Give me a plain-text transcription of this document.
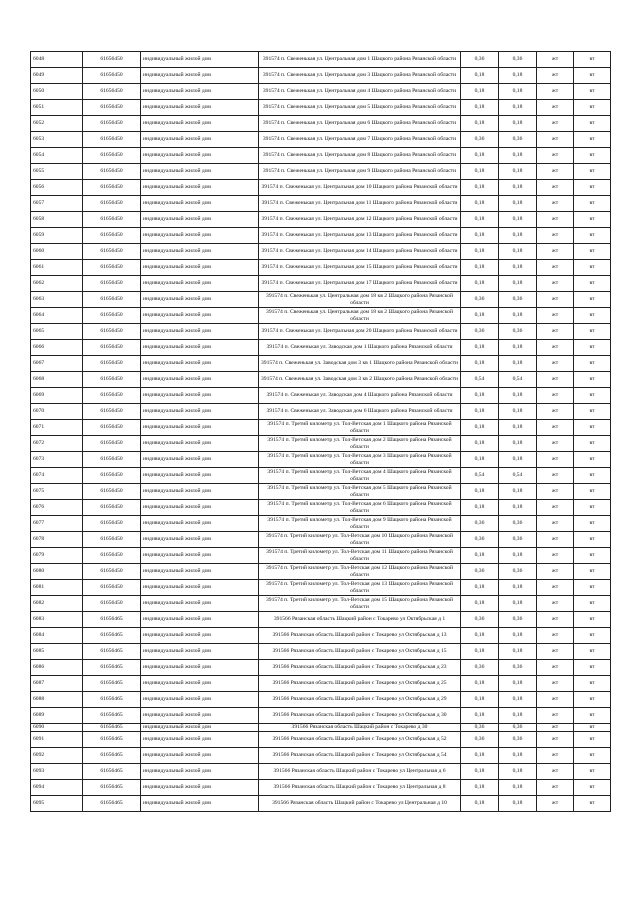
6048	61656450	индивидуальный жилой дом	391574 п. Свеженькая ул. Центральная дом 1 Шацкого района Рязанской области	0,36	0,36	жт	вт
6049	61656450	индивидуальный жилой дом	391574 п. Свеженькая ул. Центральная дом 3 Шацкого района Рязанской области	0,18	0,18	жт	вт
6050	61656450	индивидуальный жилой дом	391574 п. Свеженькая ул. Центральная дом 4 Шацкого района Рязанской области	0,18	0,18	жт	вт
6051	61656450	индивидуальный жилой дом	391574 п. Свеженькая ул. Центральная дом 5 Шацкого района Рязанской области	0,18	0,18	жт	вт
6052	61656450	индивидуальный жилой дом	391574 п. Свеженькая ул. Центральная дом 6 Шацкого района Рязанской области	0,18	0,18	жт	вт
6053	61656450	индивидуальный жилой дом	391574 п. Свеженькая ул. Центральная дом 7 Шацкого района Рязанской области	0,36	0,36	жт	вт
6054	61656450	индивидуальный жилой дом	391574 п. Свеженькая ул. Центральная дом 8 Шацкого района Рязанской области	0,18	0,18	жт	вт
6055	61656450	индивидуальный жилой дом	391574 п. Свеженькая ул. Центральная дом 9 Шацкого района Рязанской области	0,18	0,18	жт	вт
6056	61656450	индивидуальный жилой дом	391574 п. Свеженькая ул. Центральная дом 10 Шацкого района Рязанской области	0,18	0,18	жт	вт
6057	61656450	индивидуальный жилой дом	391574 п. Свеженькая ул. Центральная дом 11 Шацкого района Рязанской области	0,18	0,18	жт	вт
6058	61656450	индивидуальный жилой дом	391574 п. Свеженькая ул. Центральная дом 12 Шацкого района Рязанской области	0,18	0,18	жт	вт
6059	61656450	индивидуальный жилой дом	391574 п. Свеженькая ул. Центральная дом 13 Шацкого района Рязанской области	0,18	0,18	жт	вт
6060	61656450	индивидуальный жилой дом	391574 п. Свеженькая ул. Центральная дом 14 Шацкого района Рязанской области	0,18	0,18	жт	вт
6061	61656450	индивидуальный жилой дом	391574 п. Свеженькая ул. Центральная дом 15 Шацкого района Рязанской области	0,18	0,18	жт	вт
6062	61656450	индивидуальный жилой дом	391574 п. Свеженькая ул. Центральная дом 17 Шацкого района Рязанской области	0,18	0,18	жт	вт
6063	61656450	индивидуальный жилой дом	391574 п. Свеженькая ул. Центральная дом 18 кв 2 Шацкого района Рязанской области	0,36	0,36	жт	вт
6064	61656450	индивидуальный жилой дом	391574 п. Свеженькая ул. Центральная дом 18 кв 2 Шацкого района Рязанской области	0,18	0,18	жт	вт
6065	61656450	индивидуальный жилой дом	391574 п. Свеженькая ул. Центральная дом 20 Шацкого района Рязанской области	0,36	0,36	жт	вт
6066	61656450	индивидуальный жилой дом	391574 п. Свеженькая ул. Заводская дом 1 Шацкого района Рязанской области	0,18	0,18	жт	вт
6067	61656450	индивидуальный жилой дом	391574 п. Свеженькая ул. Заводская дом 3 кв 1 Шацкого района Рязанской области	0,18	0,18	жт	вт
6068	61656450	индивидуальный жилой дом	391574 п. Свеженькая ул. Заводская дом 3 кв 2 Шацкого района Рязанской области	0,54	0,54	жт	вт
6069	61656450	индивидуальный жилой дом	391574 п. Свеженькая ул. Заводская дом 4 Шацкого района Рязанской области	0,18	0,18	жт	вт
6070	61656450	индивидуальный жилой дом	391574 п. Свеженькая ул. Заводская дом 6 Шацкого района Рязанской области	0,18	0,18	жт	вт
6071	61656450	индивидуальный жилой дом	391574 п. Третий километр ул. Тол-Ветская дом 1 Шацкого района Рязанской области	0,18	0,18	жт	вт
6072	61656450	индивидуальный жилой дом	391574 п. Третий километр ул. Тол-Ветская дом 2 Шацкого района Рязанской области	0,18	0,18	жт	вт
6073	61656450	индивидуальный жилой дом	391574 п. Третий километр ул. Тол-Ветская дом 3 Шацкого района Рязанской области	0,18	0,18	жт	вт
6074	61656450	индивидуальный жилой дом	391574 п. Третий километр ул. Тол-Ветская дом 4 Шацкого района Рязанской области	0,54	0,54	жт	вт
6075	61656450	индивидуальный жилой дом	391574 п. Третий километр ул. Тол-Ветская дом 5 Шацкого района Рязанской области	0,18	0,18	жт	вт
6076	61656450	индивидуальный жилой дом	391574 п. Третий километр ул. Тол-Ветская дом 6 Шацкого района Рязанской области	0,18	0,18	жт	вт
6077	61656450	индивидуальный жилой дом	391574 п. Третий километр ул. Тол-Ветская дом 9 Шацкого района Рязанской области	0,36	0,36	жт	вт
6078	61656450	индивидуальный жилой дом	391574 п. Третий километр ул. Тол-Ветская дом 10 Шацкого района Рязанской области	0,36	0,36	жт	вт
6079	61656450	индивидуальный жилой дом	391574 п. Третий километр ул. Тол-Ветская дом 11 Шацкого района Рязанской области	0,18	0,18	жт	вт
6080	61656450	индивидуальный жилой дом	391574 п. Третий километр ул. Тол-Ветская дом 12 Шацкого района Рязанской области	0,36	0,36	жт	вт
6081	61656450	индивидуальный жилой дом	391574 п. Третий километр ул. Тол-Ветская дом 13 Шацкого района Рязанской области	0,18	0,18	жт	вт
6082	61656450	индивидуальный жилой дом	391574 п. Третий километр ул. Тол-Ветская дом 15 Шацкого района Рязанской области	0,18	0,18	жт	вт
6083	61656465	индивидуальный жилой дом	391566 Рязанская область Шацкий район с Токарево ул Октябрьская д 1	0,36	0,36	жт	вт
6084	61656465	индивидуальный жилой дом	391566 Рязанская область Шацкий район с Токарево ул Октябрьская д 13	0,18	0,18	жт	вт
6085	61656465	индивидуальный жилой дом	391566 Рязанская область Шацкий район с Токарево ул Октябрьская д 15	0,18	0,18	жт	вт
6086	61656465	индивидуальный жилой дом	391566 Рязанская область Шацкий район с Токарево ул Октябрьская д 23	0,36	0,36	жт	вт
6087	61656465	индивидуальный жилой дом	391566 Рязанская область Шацкий район с Токарево ул Октябрьская д 25	0,18	0,18	жт	вт
6088	61656465	индивидуальный жилой дом	391566 Рязанская область Шацкий район с Токарево ул Октябрьская д 29	0,18	0,18	жт	вт
6089	61656465	индивидуальный жилой дом	391566 Рязанская область Шацкий район с Токарево ул Октябрьская д 30	0,18	0,18	жт	вт
6090	61656465	индивидуальный жилой дом	391566 Рязанская область Шацкий район с Токарево д 30	0,36	0,36	жт	вт
6091	61656465	индивидуальный жилой дом	391566 Рязанская область Шацкий район с Токарево ул Октябрьская д 52	0,36	0,36	жт	вт
6092	61656465	индивидуальный жилой дом	391566 Рязанская область Шацкий район с Токарево ул Октябрьская д 54	0,18	0,18	жт	вт
6093	61656465	индивидуальный жилой дом	391566 Рязанская область Шацкий район с Токарево ул Центральная д 6	0,18	0,18	жт	вт
6094	61656465	индивидуальный жилой дом	391566 Рязанская область Шацкий район с Токарево ул Центральная д 8	0,18	0,18	жт	вт
6095	61656465	индивидуальный жилой дом	391566 Рязанская область Шацкий район с Токарево ул Центральная д 10	0,18	0,18	жт	вт
